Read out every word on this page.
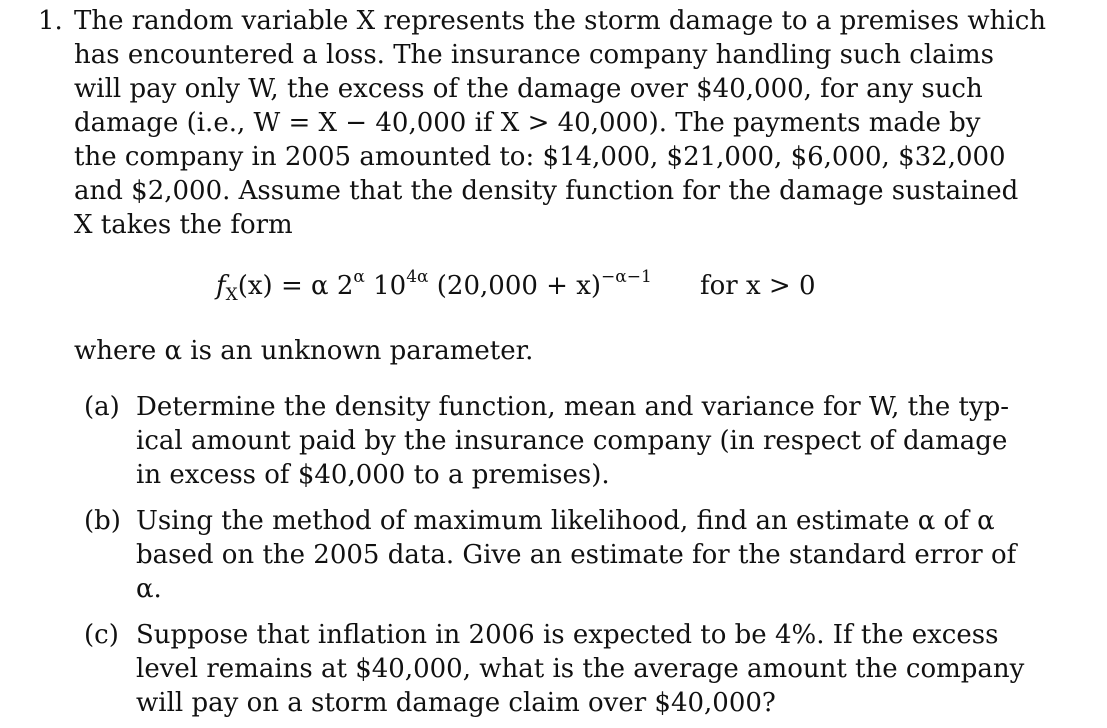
1. The random variable X represents the storm damage to a premises which
has encountered a loss. The insurance company handling such claims
will pay only W, the excess of the damage over $40,000, for any such
damage (i.e., W = X − 40,000 if X > 40,000). The payments made by
the company in 2005 amounted to: $14,000, $21,000, $6,000, $32,000
and $2,000. Assume that the density function for the damage sustained
X takes the form
$f_X(x) = \alpha$ $2^\alpha$ $10^{4\alpha}$ $(20,000 + x)^{-\alpha-1}$ for x > 0
where α is an unknown parameter.
(a) Determine the density function, mean and variance for W, the typ-
ical amount paid by the insurance company (in respect of damage
in excess of $40,000 to a premises).
(b) Using the method of maximum likelihood, find an estimate α of α
based on the 2005 data. Give an estimate for the standard error of
α.
(c) Suppose that inflation in 2006 is expected to be 4%. If the excess
level remains at $40,000, what is the average amount the company
will pay on a storm damage claim over $40,000?
